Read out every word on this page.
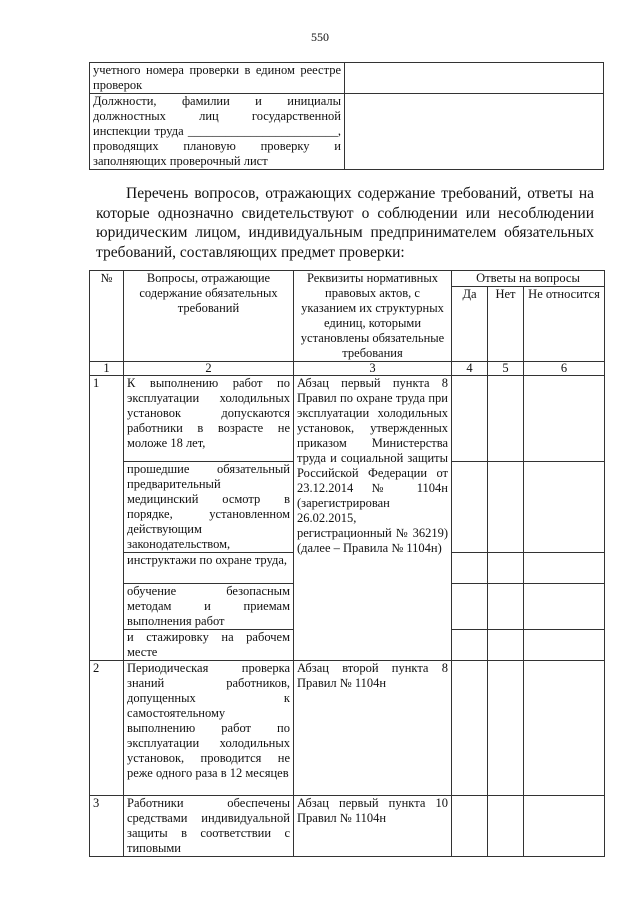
550
учетного номера проверки в едином реестре проверок	
Должности, фамилии и инициалы должностных лиц государственной инспекции труда ________________________, проводящих плановую проверку и заполняющих проверочный лист	
Перечень вопросов, отражающих содержание требований, ответы на которые однозначно свидетельствуют о соблюдении или несоблюдении юридическим лицом, индивидуальным предпринимателем обязательных требований, составляющих предмет проверки:
№	Вопросы, отражающие содержание обязательных требований	Реквизиты нормативных правовых актов, с указанием их структурных единиц, которыми установлены обязательные требования	Ответы на вопросы		
			Да	Нет	Не относится
1	2	3	4	5	6
1	К выполнению работ по эксплуатации холодильных установок допускаются работники в возрасте не моложе 18 лет,	Абзац первый пункта 8 Правил по охране труда при эксплуатации холодильных установок, утвержденных приказом Министерства труда и социальной защиты Российской Федерации от 23.12.2014 № 1104н (зарегистрирован 26.02.2015, регистрационный № 36219) (далее – Правила № 1104н)			
	прошедшие обязательный предварительный медицинский осмотр в порядке, установленном действующим законодательством,				
	инструктажи по охране труда,				
	обучение безопасным методам и приемам выполнения работ				
	и стажировку на рабочем месте				
2	Периодическая проверка знаний работников, допущенных к самостоятельному выполнению работ по эксплуатации холодильных установок, проводится не реже одного раза в 12 месяцев	Абзац второй пункта 8 Правил № 1104н			
3	Работники обеспечены средствами индивидуальной защиты в соответствии с типовыми	Абзац первый пункта 10 Правил № 1104н			
